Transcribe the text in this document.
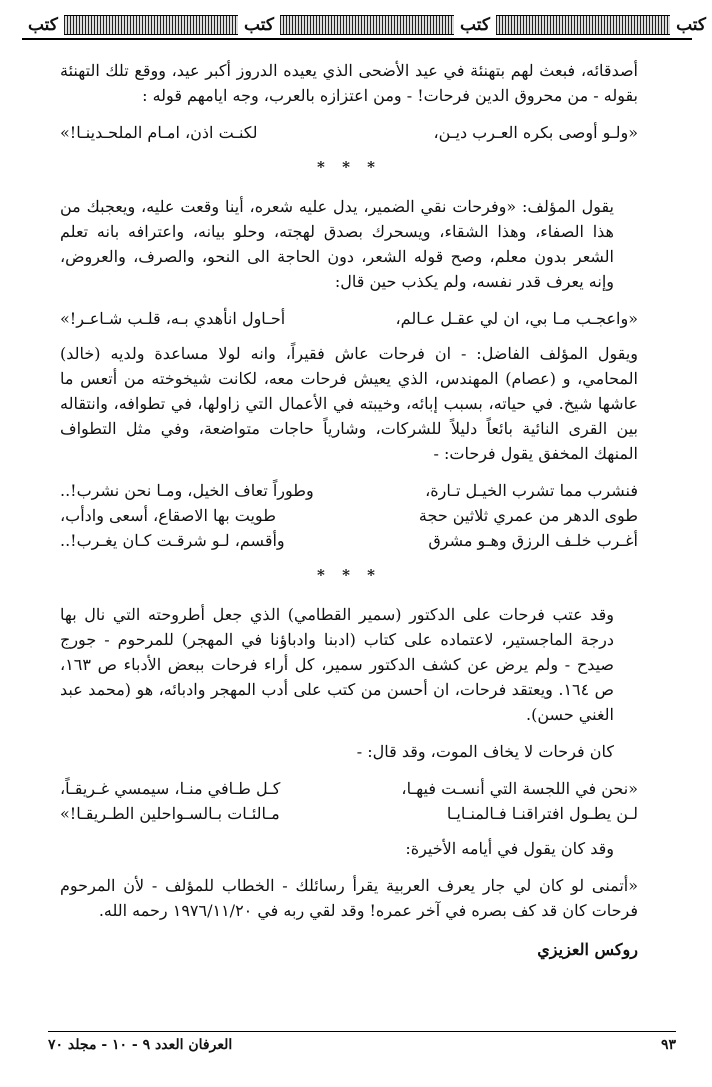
كتب
كتب
كتب
كتب

أصدقائه، فبعث لهم بتهنئة في عيد الأضحى الذي يعيده الدروز أكبر عيد، ووقع تلك التهنئة بقوله - من محروق الدين فرحات! - ومن اعتزازه بالعرب، وجه ايامهم قوله :

«ولـو أوصى بكره العـرب ديـن،
لكنـت اذن، امـام الملحـدينـا!»
* * *

يقول المؤلف: «وفرحات نقي الضمير، يدل عليه شعره، أينا وقعت عليه، ويعجبك من هذا الصفاء، وهذا الشقاء، ويسحرك بصدق لهجته، وحلو بيانه، واعترافه بانه تعلم الشعر بدون معلم، وصح قوله الشعر، دون الحاجة الى النحو، والصرف، والعروض، وإنه يعرف قدر نفسه، ولم يكذب حين قال:

«واعجـب مـا بي، ان لي عقـل عـالم،
أحـاول انأهدي بـه، قلـب شـاعـر!»

ويقول المؤلف الفاضل: - ان فرحات عاش فقيراً، وانه لولا مساعدة ولديه (خالد) المحامي، و (عصام) المهندس، الذي يعيش فرحات معه، لكانت شيخوخته من أتعس ما عاشها شيخ. في حياته، بسبب إبائه، وخيبته في الأعمال التي زاولها، في تطوافه، وانتقاله بين القرى النائية بائعاً دليلاً للشركات، وشارياً حاجات متواضعة، وفي مثل التطواف المنهك المخفق يقول فرحات: -

فنشرب مما تشرب الخيـل تـارة،
وطوراً تعاف الخيل، ومـا نحن نشرب!..
طوى الدهر من عمري ثلاثين حجة
طويت بها الاصقاع، أسعى وادأب،
أغـرب خلـف الرزق وهـو مشرق
وأقسم، لـو شرقـت كـان يغـرب!..
* * *

وقد عتب فرحات على الدكتور (سمير القطامي) الذي جعل أطروحته التي نال بها درجة الماجستير، لاعتماده على كتاب (ادبنا وادباؤنا في المهجر) للمرحوم - جورج صيدح - ولم يرض عن كشف الدكتور سمير، كل أراء فرحات ببعض الأدباء ص ١٦٣، ص ١٦٤. ويعتقد فرحات، ان أحسن من كتب على أدب المهجر وادبائه، هو (محمد عبد الغني حسن).

كان فرحات لا يخاف الموت، وقد قال: -

«نحن في اللجسة التي أنسـت فيهـا،
كـل طـافي منـا، سيمسي غـريقـاً،
لـن يطـول افتراقنـا فـالمنـايـا
مـالئـات بـالسـواحلين الطـريقـا!»

وقد كان يقول في أيامه الأخيرة:

«أتمنى لو كان لي جار يعرف العربية يقرأ رسائلك - الخطاب للمؤلف - لأن المرحوم فرحات كان قد كف بصره في آخر عمره! وقد لقي ربه في ١٩٧٦/١١/٢٠ رحمه الله.

روكس العزيزي
٩٣
العرفان العدد ٩ - ١٠ - مجلد ٧٠
